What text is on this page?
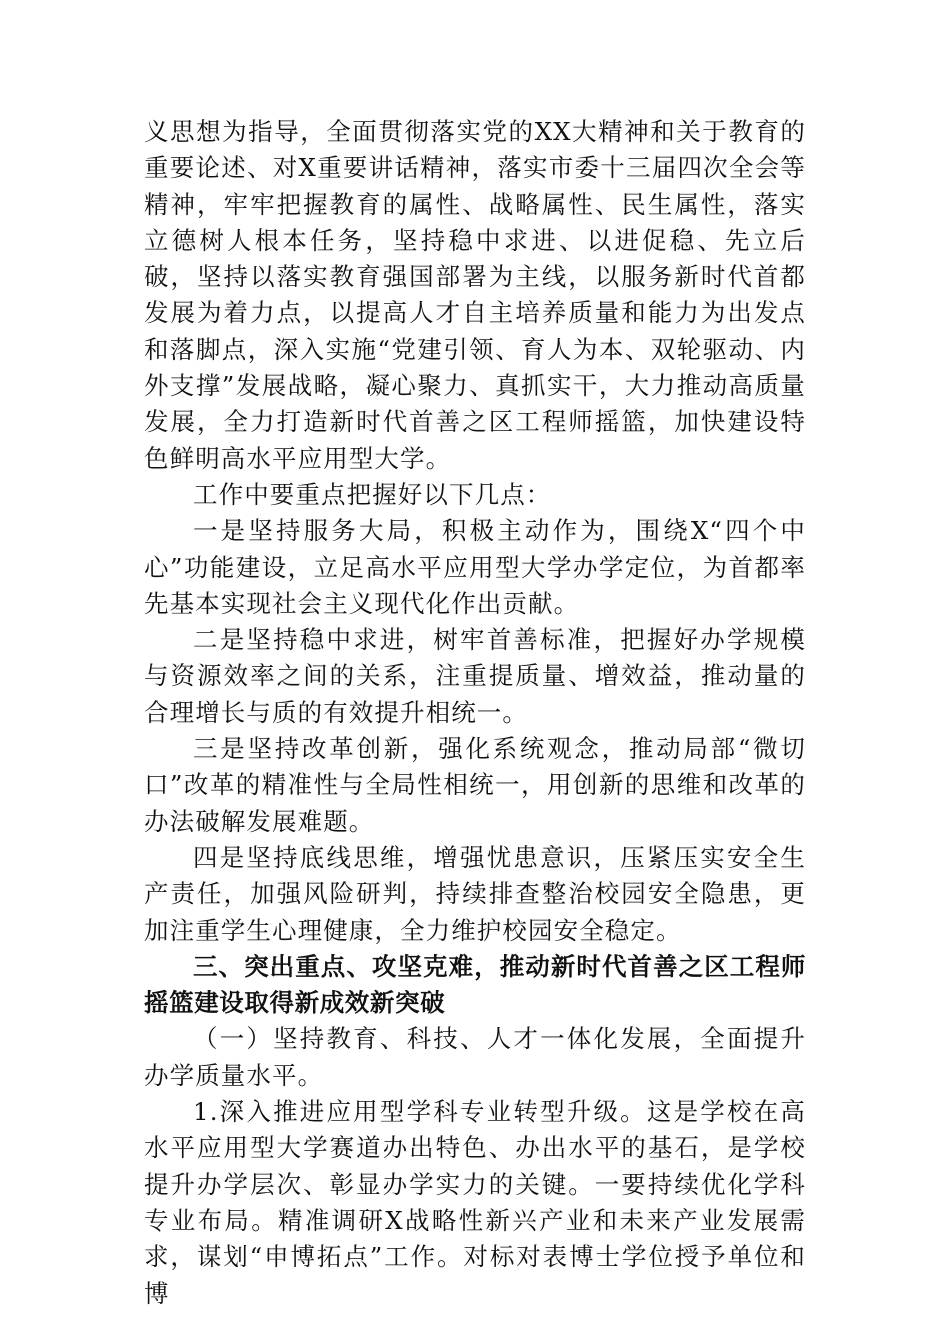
义思想为指导，全面贯彻落实党的XX大精神和关于教育的重要论述、对X重要讲话精神，落实市委十三届四次全会等精神，牢牢把握教育的属性、战略属性、民生属性，落实立德树人根本任务，坚持稳中求进、以进促稳、先立后破，坚持以落实教育强国部署为主线，以服务新时代首都发展为着力点，以提高人才自主培养质量和能力为出发点和落脚点，深入实施“党建引领、育人为本、双轮驱动、内外支撑”发展战略，凝心聚力、真抓实干，大力推动高质量发展，全力打造新时代首善之区工程师摇篮，加快建设特色鲜明高水平应用型大学。

工作中要重点把握好以下几点：

一是坚持服务大局，积极主动作为，围绕X“四个中心”功能建设，立足高水平应用型大学办学定位，为首都率先基本实现社会主义现代化作出贡献。

二是坚持稳中求进，树牢首善标准，把握好办学规模与资源效率之间的关系，注重提质量、增效益，推动量的合理增长与质的有效提升相统一。

三是坚持改革创新，强化系统观念，推动局部“微切口”改革的精准性与全局性相统一，用创新的思维和改革的办法破解发展难题。

四是坚持底线思维，增强忧患意识，压紧压实安全生产责任，加强风险研判，持续排查整治校园安全隐患，更加注重学生心理健康，全力维护校园安全稳定。

三、突出重点、攻坚克难，推动新时代首善之区工程师摇篮建设取得新成效新突破

（一）坚持教育、科技、人才一体化发展，全面提升办学质量水平。

1.深入推进应用型学科专业转型升级。这是学校在高水平应用型大学赛道办出特色、办出水平的基石，是学校提升办学层次、彰显办学实力的关键。一要持续优化学科专业布局。精准调研X战略性新兴产业和未来产业发展需求，谋划“申博拓点”工作。对标对表博士学位授予单位和博
